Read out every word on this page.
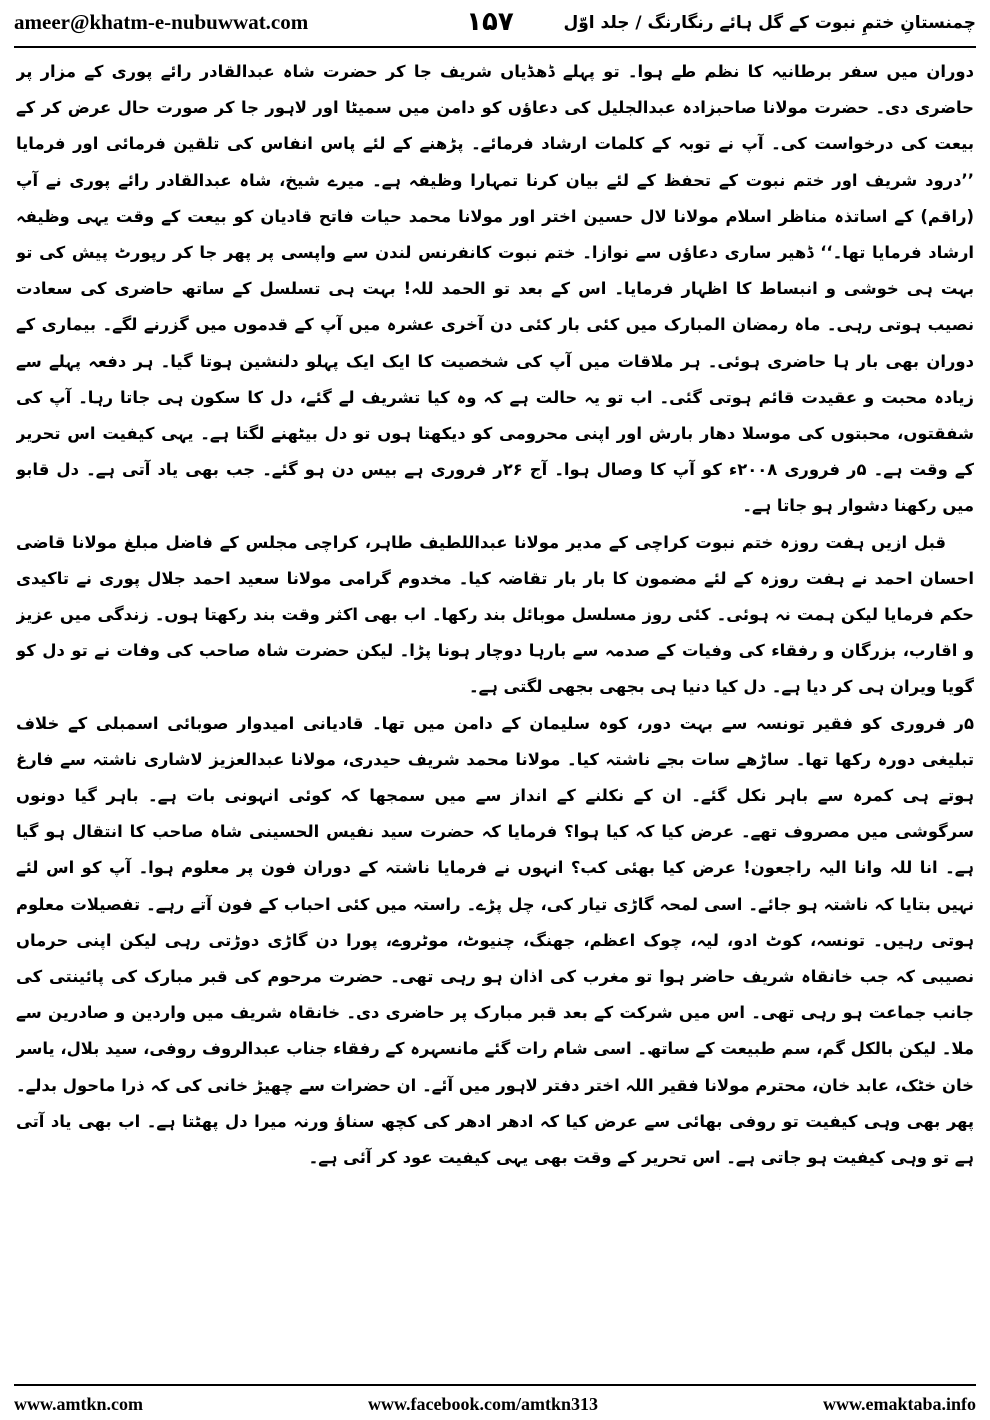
ameer@khatm-e-nubuwwat.com	۱۵۷	چمنستانِ ختمِ نبوت کے گل ہائے رنگارنگ / جلد اوّل

دوران میں سفر برطانیہ کا نظم طے ہوا۔ تو پہلے ڈھڈیاں شریف جا کر حضرت شاہ عبدالقادر رائے پوری کے مزار پر حاضری دی۔ حضرت مولانا صاحبزادہ عبدالجلیل کی دعاؤں کو دامن میں سمیٹا اور لاہور جا کر صورت حال عرض کر کے بیعت کی درخواست کی۔ آپ نے توبہ کے کلمات ارشاد فرمائے۔ پڑھنے کے لئے پاس انفاس کی تلقین فرمائی اور فرمایا ’’درود شریف اور ختم نبوت کے تحفظ کے لئے بیان کرنا تمہارا وظیفہ ہے۔ میرے شیخ، شاہ عبدالقادر رائے پوری نے آپ (راقم) کے اساتذہ مناظر اسلام مولانا لال حسین اختر اور مولانا محمد حیات فاتح قادیان کو بیعت کے وقت یہی وظیفہ ارشاد فرمایا تھا۔‘‘ ڈھیر ساری دعاؤں سے نوازا۔ ختم نبوت کانفرنس لندن سے واپسی پر پھر جا کر رپورٹ پیش کی تو بہت ہی خوشی و انبساط کا اظہار فرمایا۔ اس کے بعد تو الحمد للہ! بہت ہی تسلسل کے ساتھ حاضری کی سعادت نصیب ہوتی رہی۔ ماہ رمضان المبارک میں کئی بار کئی دن آخری عشرہ میں آپ کے قدموں میں گزرنے لگے۔ بیماری کے دوران بھی بار ہا حاضری ہوئی۔ ہر ملاقات میں آپ کی شخصیت کا ایک ایک پہلو دلنشین ہوتا گیا۔ ہر دفعہ پہلے سے زیادہ محبت و عقیدت قائم ہوتی گئی۔ اب تو یہ حالت ہے کہ وہ کیا تشریف لے گئے، دل کا سکون ہی جاتا رہا۔ آپ کی شفقتوں، محبتوں کی موسلا دھار بارش اور اپنی محرومی کو دیکھتا ہوں تو دل بیٹھنے لگتا ہے۔ یہی کیفیت اس تحریر کے وقت ہے۔ ۵ر فروری ۲۰۰۸ء کو آپ کا وصال ہوا۔ آج ۲۶ر فروری ہے بیس دن ہو گئے۔ جب بھی یاد آتی ہے۔ دل قابو میں رکھنا دشوار ہو جاتا ہے۔

قبل ازیں ہفت روزہ ختم نبوت کراچی کے مدیر مولانا عبداللطیف طاہر، کراچی مجلس کے فاضل مبلغ مولانا قاضی احسان احمد نے ہفت روزہ کے لئے مضمون کا بار بار تقاضہ کیا۔ مخدوم گرامی مولانا سعید احمد جلال پوری نے تاکیدی حکم فرمایا لیکن ہمت نہ ہوئی۔ کئی روز مسلسل موبائل بند رکھا۔ اب بھی اکثر وقت بند رکھتا ہوں۔ زندگی میں عزیز و اقارب، بزرگان و رفقاء کی وفیات کے صدمہ سے بارہا دوچار ہونا پڑا۔ لیکن حضرت شاہ صاحب کی وفات نے تو دل کو گویا ویران ہی کر دیا ہے۔ دل کیا دنیا ہی بجھی بجھی لگتی ہے۔

۵ر فروری کو فقیر تونسہ سے بہت دور، کوہ سلیمان کے دامن میں تھا۔ قادیانی امیدوار صوبائی اسمبلی کے خلاف تبلیغی دورہ رکھا تھا۔ ساڑھے سات بجے ناشتہ کیا۔ مولانا محمد شریف حیدری، مولانا عبدالعزیز لاشاری ناشتہ سے فارغ ہوتے ہی کمرہ سے باہر نکل گئے۔ ان کے نکلنے کے انداز سے میں سمجھا کہ کوئی انہونی بات ہے۔ باہر گیا دونوں سرگوشی میں مصروف تھے۔ عرض کیا کہ کیا ہوا؟ فرمایا کہ حضرت سید نفیس الحسینی شاہ صاحب کا انتقال ہو گیا ہے۔ انا للہ وانا الیہ راجعون! عرض کیا بھئی کب؟ انہوں نے فرمایا ناشتہ کے دوران فون پر معلوم ہوا۔ آپ کو اس لئے نہیں بتایا کہ ناشتہ ہو جائے۔ اسی لمحہ گاڑی تیار کی، چل پڑے۔ راستہ میں کئی احباب کے فون آتے رہے۔ تفصیلات معلوم ہوتی رہیں۔ تونسہ، کوٹ ادو، لیہ، چوک اعظم، جھنگ، چنیوٹ، موٹروے، پورا دن گاڑی دوڑتی رہی لیکن اپنی حرماں نصیبی کہ جب خانقاہ شریف حاضر ہوا تو مغرب کی اذان ہو رہی تھی۔ حضرت مرحوم کی قبر مبارک کی پائینتی کی جانب جماعت ہو رہی تھی۔ اس میں شرکت کے بعد قبر مبارک پر حاضری دی۔ خانقاہ شریف میں واردین و صادرین سے ملا۔ لیکن بالکل گم، سم طبیعت کے ساتھ۔ اسی شام رات گئے مانسہرہ کے رفقاء جناب عبدالروف روفی، سید بلال، یاسر خان خٹک، عابد خان، محترم مولانا فقیر اللہ اختر دفتر لاہور میں آئے۔ ان حضرات سے چھیڑ خانی کی کہ ذرا ماحول بدلے۔ پھر بھی وہی کیفیت تو روفی بھائی سے عرض کیا کہ ادھر ادھر کی کچھ سناؤ ورنہ میرا دل پھٹتا ہے۔ اب بھی یاد آتی ہے تو وہی کیفیت ہو جاتی ہے۔ اس تحریر کے وقت بھی یہی کیفیت عود کر آئی ہے۔

www.amtkn.com	www.facebook.com/amtkn313	www.emaktaba.info
